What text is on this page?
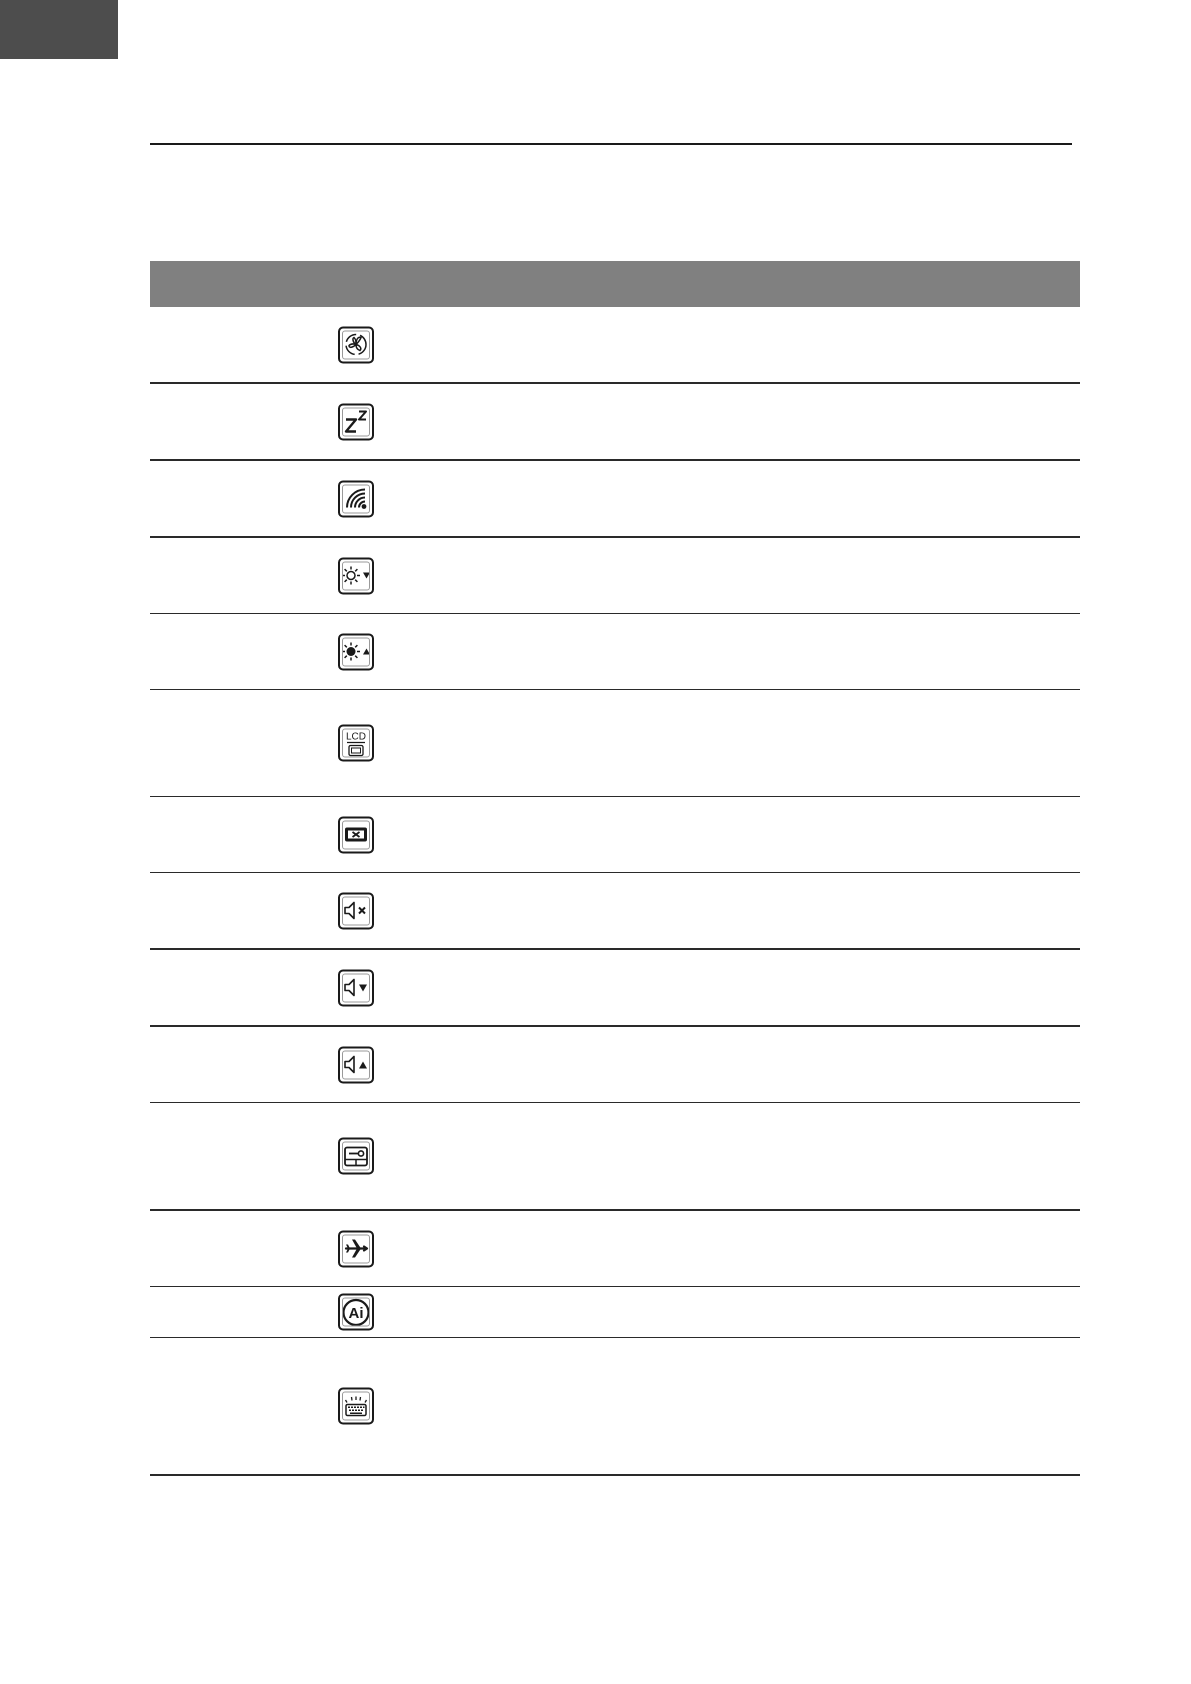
LCD
Ai
